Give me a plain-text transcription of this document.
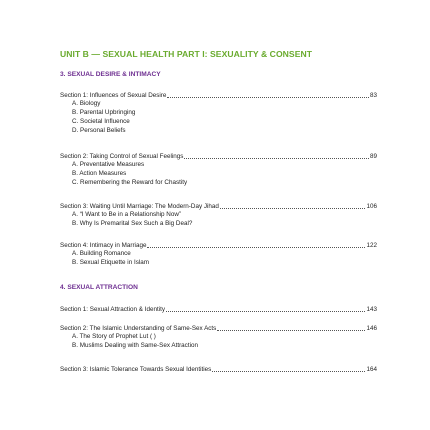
UNIT B — SEXUAL HEALTH PART I: SEXUALITY & CONSENT
3. SEXUAL DESIRE & INTIMACY
Section 1: Influences of Sexual Desire	83
A. Biology
B. Parental Upbringing
C. Societal Influence
D. Personal Beliefs
Section 2: Taking Control of Sexual Feelings	89
A. Preventative Measures
B. Action Measures
C. Remembering the Reward for Chastity
Section 3: Waiting Until Marriage: The Modern-Day Jihad	106
A. “I Want to Be in a Relationship Now”
B. Why Is Premarital Sex Such a Big Deal?
Section 4: Intimacy in Marriage	122
A. Building Romance
B. Sexual Etiquette in Islam
4. SEXUAL ATTRACTION
Section 1: Sexual Attraction & Identity	143
Section 2: The Islamic Understanding of Same-Sex Acts	146
A. The Story of Prophet Lut ( )
B. Muslims Dealing with Same-Sex Attraction
Section 3: Islamic Tolerance Towards Sexual Identities	164
